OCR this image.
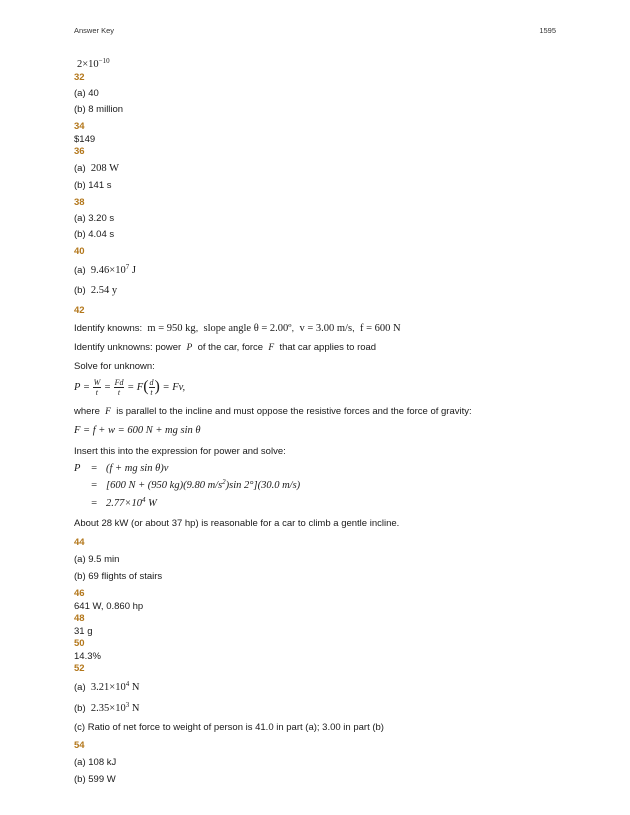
Answer Key	1595
$2\times 10^{-10}$
32
(a) 40
(b) 8 million
34
$149
36
(a) 208 W
(b) 141 s
38
(a) 3.20 s
(b) 4.04 s
40
(a) $9.46\times 10^7$ J
(b) 2.54 y
42
Identify knowns: m = 950 kg,  slope angle θ = 2.00º,  v = 3.00 m/s,  f = 600 N
Identify unknowns: power P of the car, force F that car applies to road
Solve for unknown:
P =
$\frac{W}{t}$
=
$\frac{Fd}{t}$
= F ( $\frac{d}{t}$ )
= Fv,
where F is parallel to the incline and must oppose the resistive forces and the force of gravity:
F = f + w = 600 N + mg sin θ
Insert this into the expression for power and solve:
P = (f + mg sin θ)v
= [600 N + (950 kg)(9.80 $m/s^2)\sin$ 2°](30.0 m/s)
= $2.77\times 10^4$ W
About 28 kW (or about 37 hp) is reasonable for a car to climb a gentle incline.
44
(a) 9.5 min
(b) 69 flights of stairs
46
641 W, 0.860 hp
48
31 g
50
14.3%
52
(a) $3.21\times 10^4$ N
(b) $2.35\times 10^3$ N
(c) Ratio of net force to weight of person is 41.0 in part (a); 3.00 in part (b)
54
(a) 108 kJ
(b) 599 W
